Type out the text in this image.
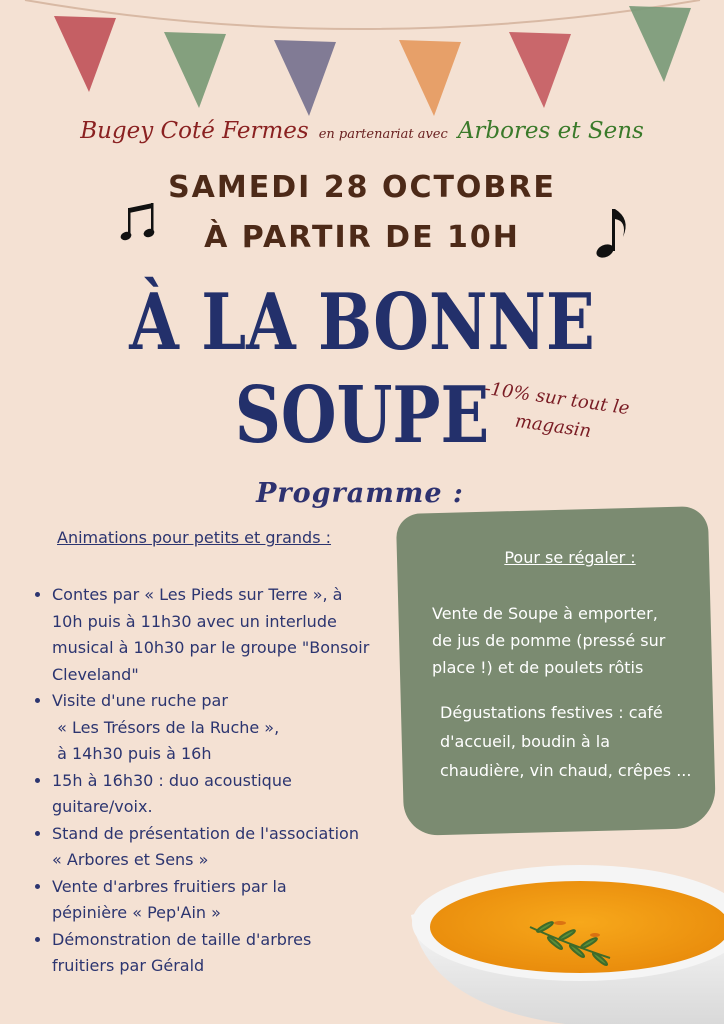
Bugey Coté Fermes en partenariat avec Arbores et Sens
SAMEDI 28 OCTOBRE
À PARTIR DE 10H
À LA BONNE
SOUPE
-10% sur tout le
magasin
Programme :
Animations pour petits et grands :
• Contes par « Les Pieds sur Terre », à
10h puis à 11h30 avec un interlude
musical à 10h30 par le groupe "Bonsoir
Cleveland"
• Visite d'une ruche par
« Les Trésors de la Ruche »,
à 14h30 puis à 16h
• 15h à 16h30 : duo acoustique
guitare/voix.
• Stand de présentation de l'association
« Arbores et Sens »
• Vente d'arbres fruitiers par la
pépinière « Pep'Ain »
• Démonstration de taille d'arbres
fruitiers par Gérald
Pour se régaler :
Vente de Soupe à emporter,
de jus de pomme (pressé sur
place !) et de poulets rôtis
Dégustations festives : café
d'accueil, boudin à la
chaudière, vin chaud, crêpes ...
